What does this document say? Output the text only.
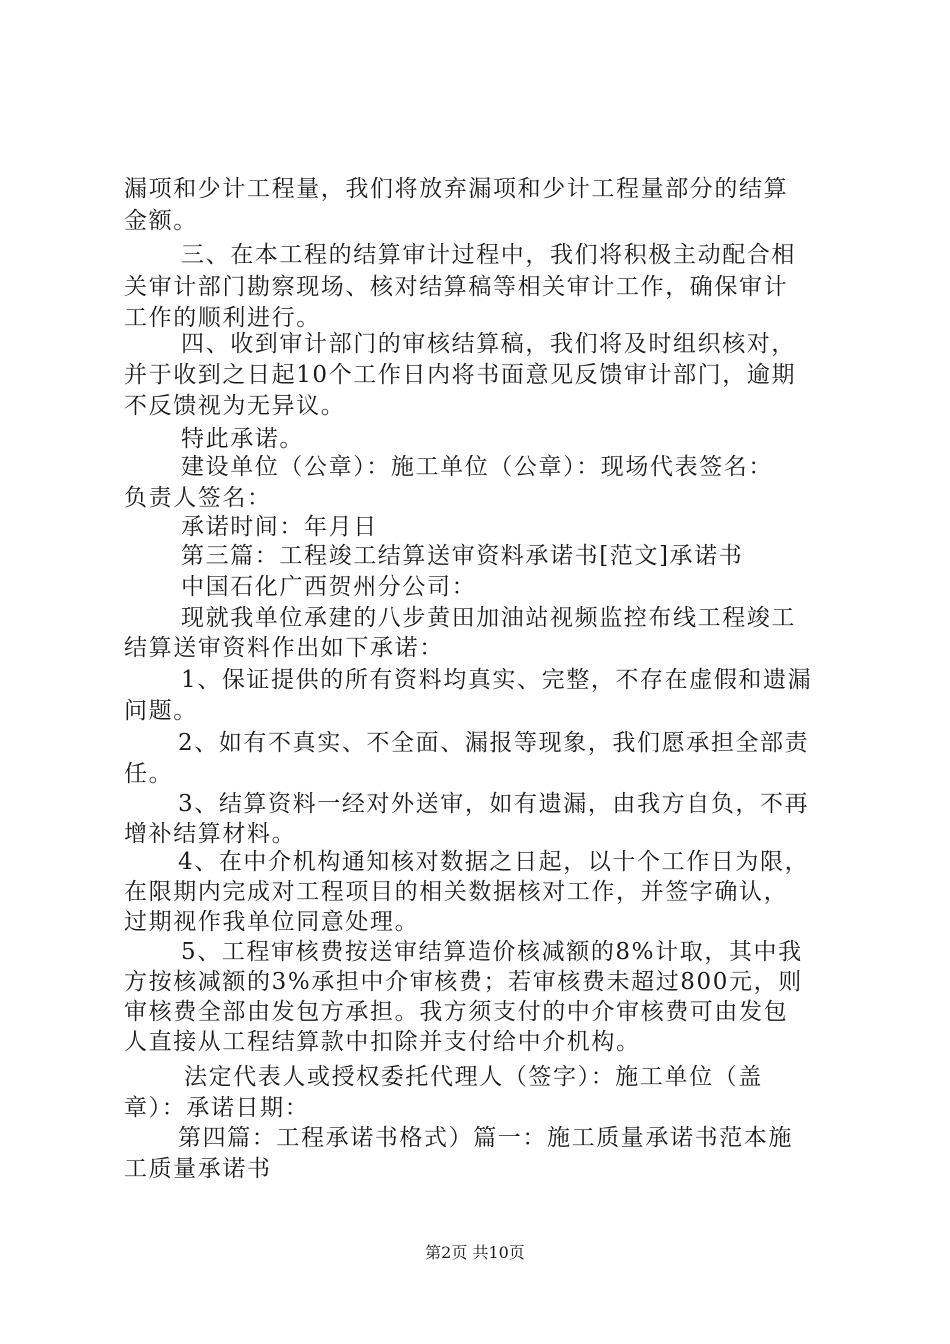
漏项和少计工程量，我们将放弃漏项和少计工程量部分的结算
金额。
三、在本工程的结算审计过程中，我们将积极主动配合相
关审计部门勘察现场、核对结算稿等相关审计工作，确保审计
工作的顺利进行。
四、收到审计部门的审核结算稿，我们将及时组织核对，
并于收到之日起10个工作日内将书面意见反馈审计部门，逾期
不反馈视为无异议。
特此承诺。
建设单位（公章）：施工单位（公章）：现场代表签名：
负责人签名：
承诺时间：年月日
第三篇：工程竣工结算送审资料承诺书[范文]承诺书
中国石化广西贺州分公司：
现就我单位承建的八步黄田加油站视频监控布线工程竣工
结算送审资料作出如下承诺：
1、保证提供的所有资料均真实、完整，不存在虚假和遗漏
问题。
2、如有不真实、不全面、漏报等现象，我们愿承担全部责
任。
3、结算资料一经对外送审，如有遗漏，由我方自负，不再
增补结算材料。
4、在中介机构通知核对数据之日起，以十个工作日为限，
在限期内完成对工程项目的相关数据核对工作，并签字确认，
过期视作我单位同意处理。
5、工程审核费按送审结算造价核减额的8%计取，其中我
方按核减额的3%承担中介审核费；若审核费未超过800元，则
审核费全部由发包方承担。我方须支付的中介审核费可由发包
人直接从工程结算款中扣除并支付给中介机构。
法定代表人或授权委托代理人（签字）：施工单位（盖
章）：承诺日期：
第四篇：工程承诺书格式）篇一：施工质量承诺书范本施
工质量承诺书
第2页 共10页
